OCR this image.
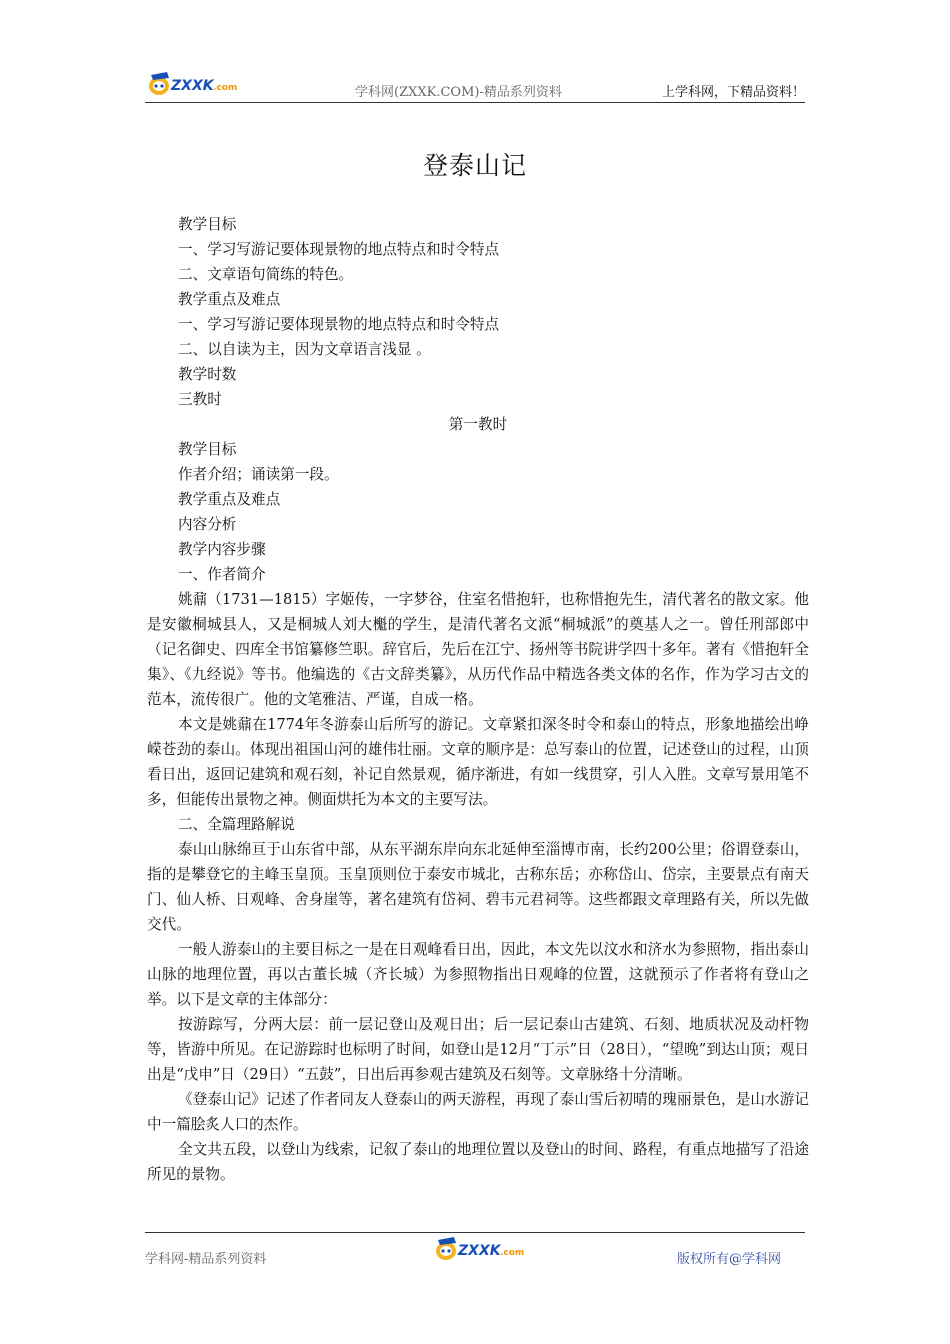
ZXXK .com	学科网(ZXXK.COM)-精品系列资料	上学科网，下精品资料！
登泰山记
教学目标
一、学习写游记要体现景物的地点特点和时令特点
二、文章语句简练的特色。
教学重点及难点
一、学习写游记要体现景物的地点特点和时令特点
二、以自读为主，因为文章语言浅显 。
教学时数
三教时
第一教时
教学目标
作者介绍；诵读第一段。
教学重点及难点
内容分析
教学内容步骤
一、作者简介

姚鼐（1731—1815）字姬传，一字梦谷，住室名惜抱轩，也称惜抱先生，清代著名的散文家。他是安徽桐城县人，又是桐城人刘大櫆的学生，是清代著名文派“桐城派”的奠基人之一。曾任刑部郎中（记名御史、四库全书馆纂修竺职。辞官后，先后在江宁、扬州等书院讲学四十多年。著有《惜抱轩全集》、《九经说》等书。他编选的《古文辞类纂》，从历代作品中精选各类文体的名作，作为学习古文的范本，流传很广。他的文笔雅洁、严谨，自成一格。

本文是姚鼐在1774年冬游泰山后所写的游记。文章紧扣深冬时令和泰山的特点，形象地描绘出峥嵘苍劲的泰山。体现出祖国山河的雄伟壮丽。文章的顺序是：总写泰山的位置，记述登山的过程，山顶看日出，返回记建筑和观石刻，补记自然景观，循序渐进，有如一线贯穿，引人入胜。文章写景用笔不多，但能传出景物之神。侧面烘托为本文的主要写法。

二、全篇理路解说

泰山山脉绵亘于山东省中部，从东平湖东岸向东北延伸至淄博市南，长约200公里；俗谓登泰山，指的是攀登它的主峰玉皇顶。玉皇顶则位于泰安市城北，古称东岳；亦称岱山、岱宗，主要景点有南天门、仙人桥、日观峰、舍身崖等，著名建筑有岱祠、碧韦元君祠等。这些都跟文章理路有关，所以先做交代。

一般人游泰山的主要目标之一是在日观峰看日出，因此，本文先以汶水和济水为参照物，指出泰山山脉的地理位置，再以古董长城（齐长城）为参照物指出日观峰的位置，这就预示了作者将有登山之举。以下是文章的主体部分：

按游踪写，分两大层：前一层记登山及观日出；后一层记泰山古建筑、石刻、地质状况及动杆物等，皆游中所见。在记游踪时也标明了时间，如登山是12月“丁示”日（28日），“望晚”到达山顶；观日出是“戊申”日（29日）“五鼓”，日出后再参观古建筑及石刻等。文章脉络十分清晰。

《登泰山记》记述了作者同友人登泰山的两天游程，再现了泰山雪后初晴的瑰丽景色，是山水游记中一篇脍炙人口的杰作。

全文共五段，以登山为线索，记叙了泰山的地理位置以及登山的时间、路程，有重点地描写了沿途所见的景物。

学科网-精品系列资料
ZXXK .com	版权所有@学科网
